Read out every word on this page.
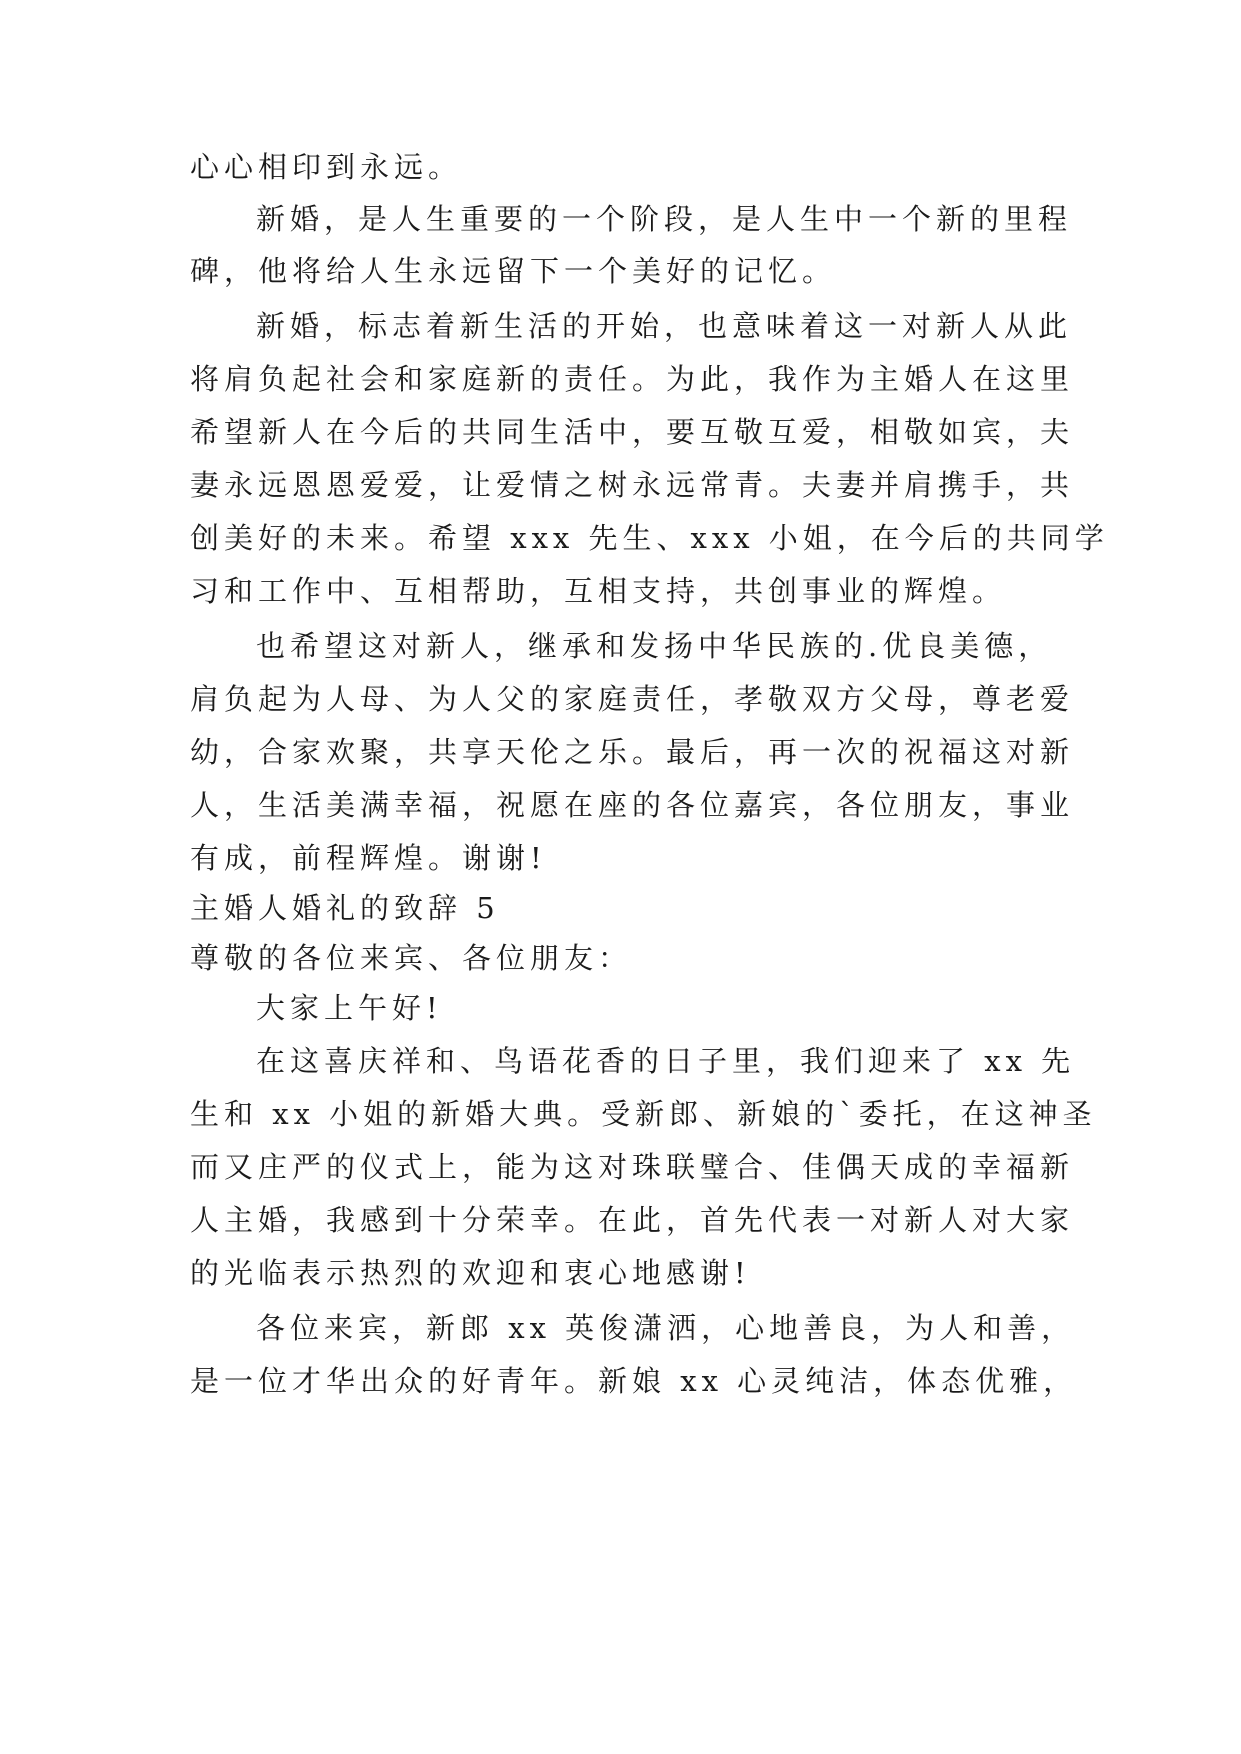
心心相印到永远。

新婚，是人生重要的一个阶段，是人生中一个新的里程

碑，他将给人生永远留下一个美好的记忆。

新婚，标志着新生活的开始，也意味着这一对新人从此

将肩负起社会和家庭新的责任。为此，我作为主婚人在这里

希望新人在今后的共同生活中，要互敬互爱，相敬如宾，夫

妻永远恩恩爱爱，让爱情之树永远常青。夫妻并肩携手，共

创美好的未来。希望 xxx 先生、xxx 小姐，在今后的共同学

习和工作中、互相帮助，互相支持，共创事业的辉煌。

也希望这对新人，继承和发扬中华民族的.优良美德，

肩负起为人母、为人父的家庭责任，孝敬双方父母，尊老爱

幼，合家欢聚，共享天伦之乐。最后，再一次的祝福这对新

人，生活美满幸福，祝愿在座的各位嘉宾，各位朋友，事业

有成，前程辉煌。谢谢!

主婚人婚礼的致辞 5

尊敬的各位来宾、各位朋友：

大家上午好!

在这喜庆祥和、鸟语花香的日子里，我们迎来了 xx 先

生和 xx 小姐的新婚大典。受新郎、新娘的`委托，在这神圣

而又庄严的仪式上，能为这对珠联璧合、佳偶天成的幸福新

人主婚，我感到十分荣幸。在此，首先代表一对新人对大家

的光临表示热烈的欢迎和衷心地感谢!

各位来宾，新郎 xx 英俊潇洒，心地善良，为人和善，

是一位才华出众的好青年。新娘 xx 心灵纯洁，体态优雅，
